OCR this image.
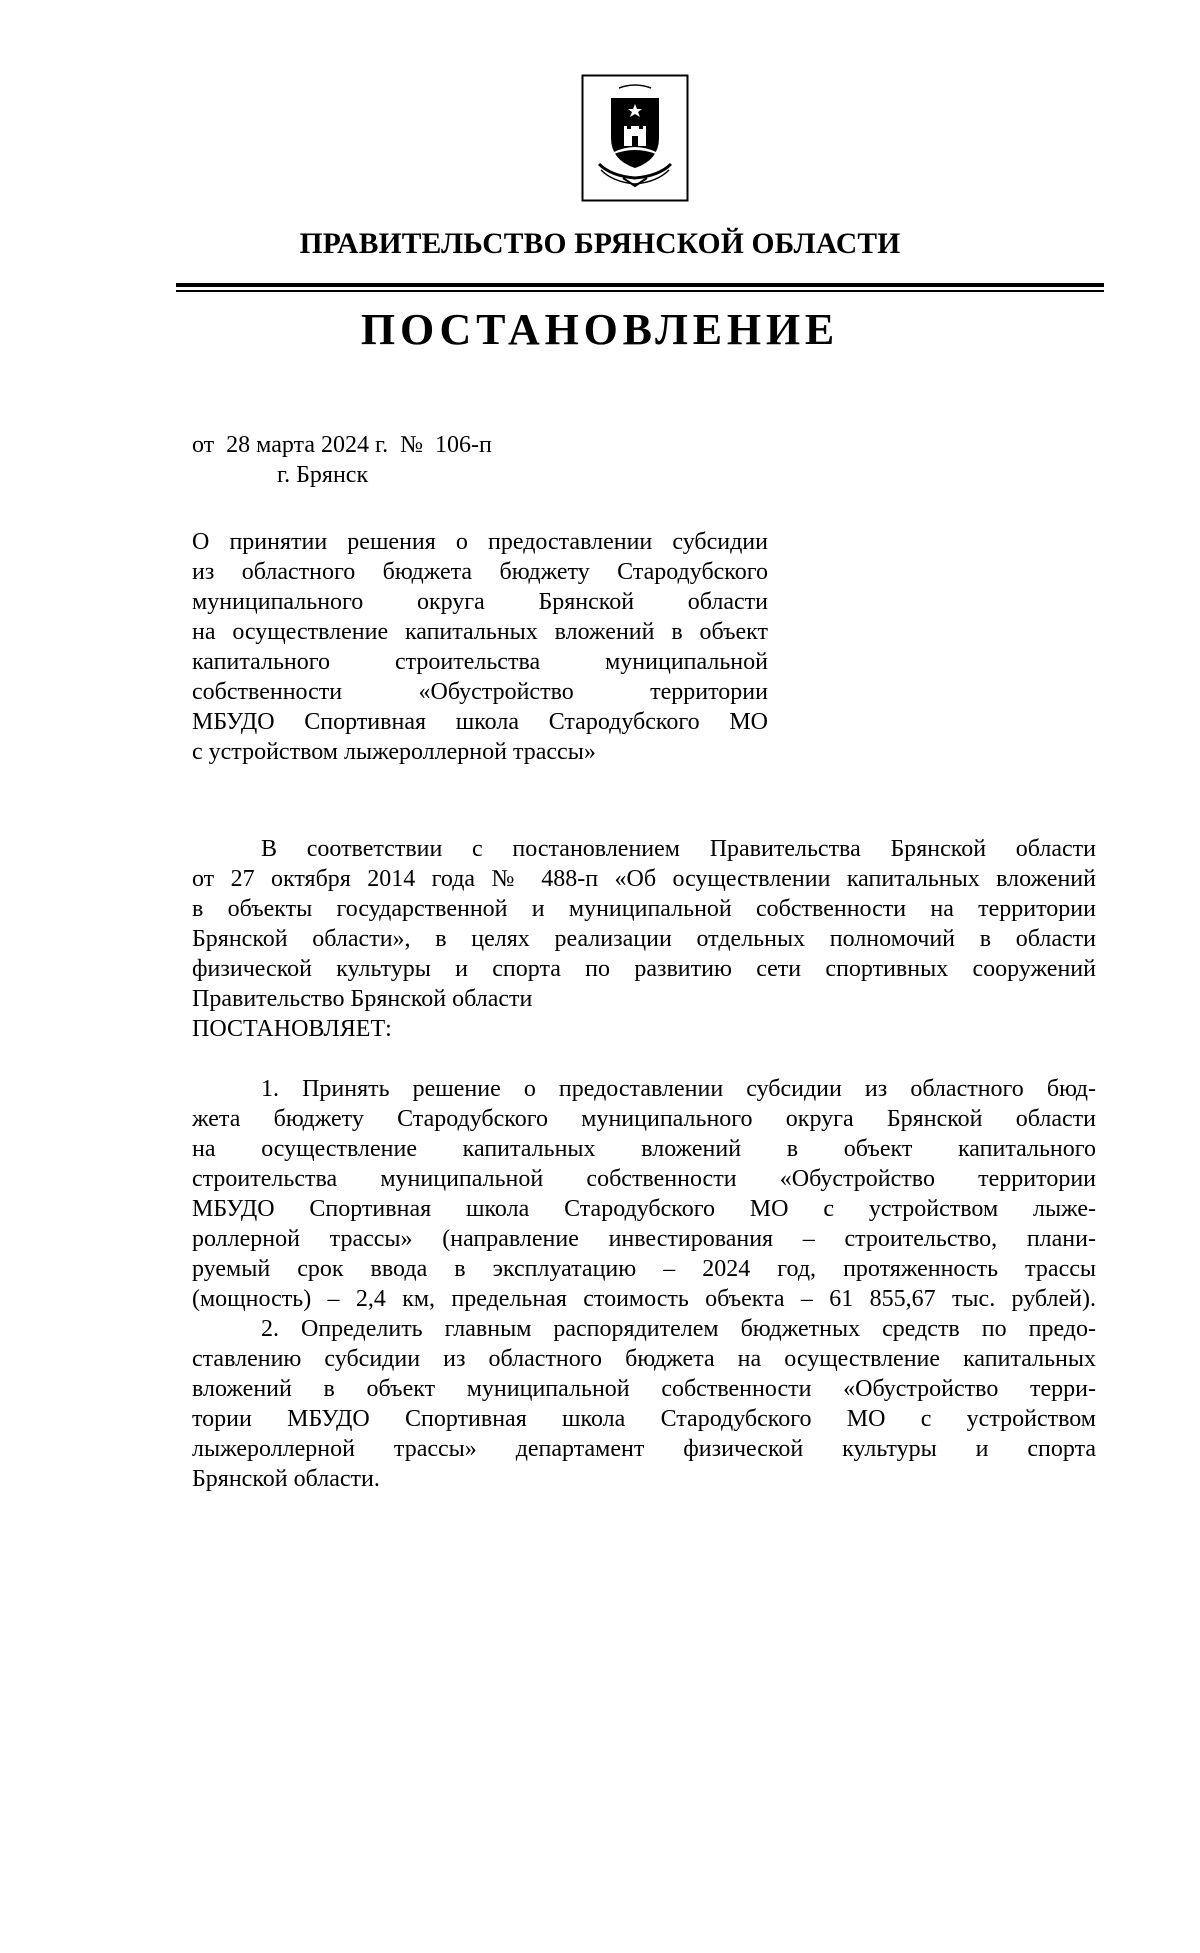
ПРАВИТЕЛЬСТВО БРЯНСКОЙ ОБЛАСТИ
ПОСТАНОВЛЕНИЕ
от  28 марта 2024 г.  №  106-п
г. Брянск
О принятии решения о предоставлении субсидии
из областного бюджета бюджету Стародубского
муниципального округа Брянской области
на осуществление капитальных вложений в объект
капитального строительства муниципальной
собственности «Обустройство территории
МБУДО Спортивная школа Стародубского МО
с устройством лыжероллерной трассы»
В соответствии с постановлением Правительства Брянской области
от 27 октября 2014 года № 488-п «Об осуществлении капитальных вложений
в объекты государственной и муниципальной собственности на территории
Брянской области», в целях реализации отдельных полномочий в области
физической культуры и спорта по развитию сети спортивных сооружений
Правительство Брянской области
ПОСТАНОВЛЯЕТ:
1. Принять решение о предоставлении субсидии из областного бюд-
жета бюджету Стародубского муниципального округа Брянской области
на осуществление капитальных вложений в объект капитального
строительства муниципальной собственности «Обустройство территории
МБУДО Спортивная школа Стародубского МО с устройством лыже-
роллерной трассы» (направление инвестирования – строительство, плани-
руемый срок ввода в эксплуатацию – 2024 год, протяженность трассы
(мощность) – 2,4 км, предельная стоимость объекта – 61 855,67 тыс. рублей).
2. Определить главным распорядителем бюджетных средств по предо-
ставлению субсидии из областного бюджета на осуществление капитальных
вложений в объект муниципальной собственности «Обустройство терри-
тории МБУДО Спортивная школа Стародубского МО с устройством
лыжероллерной трассы» департамент физической культуры и спорта
Брянской области.
